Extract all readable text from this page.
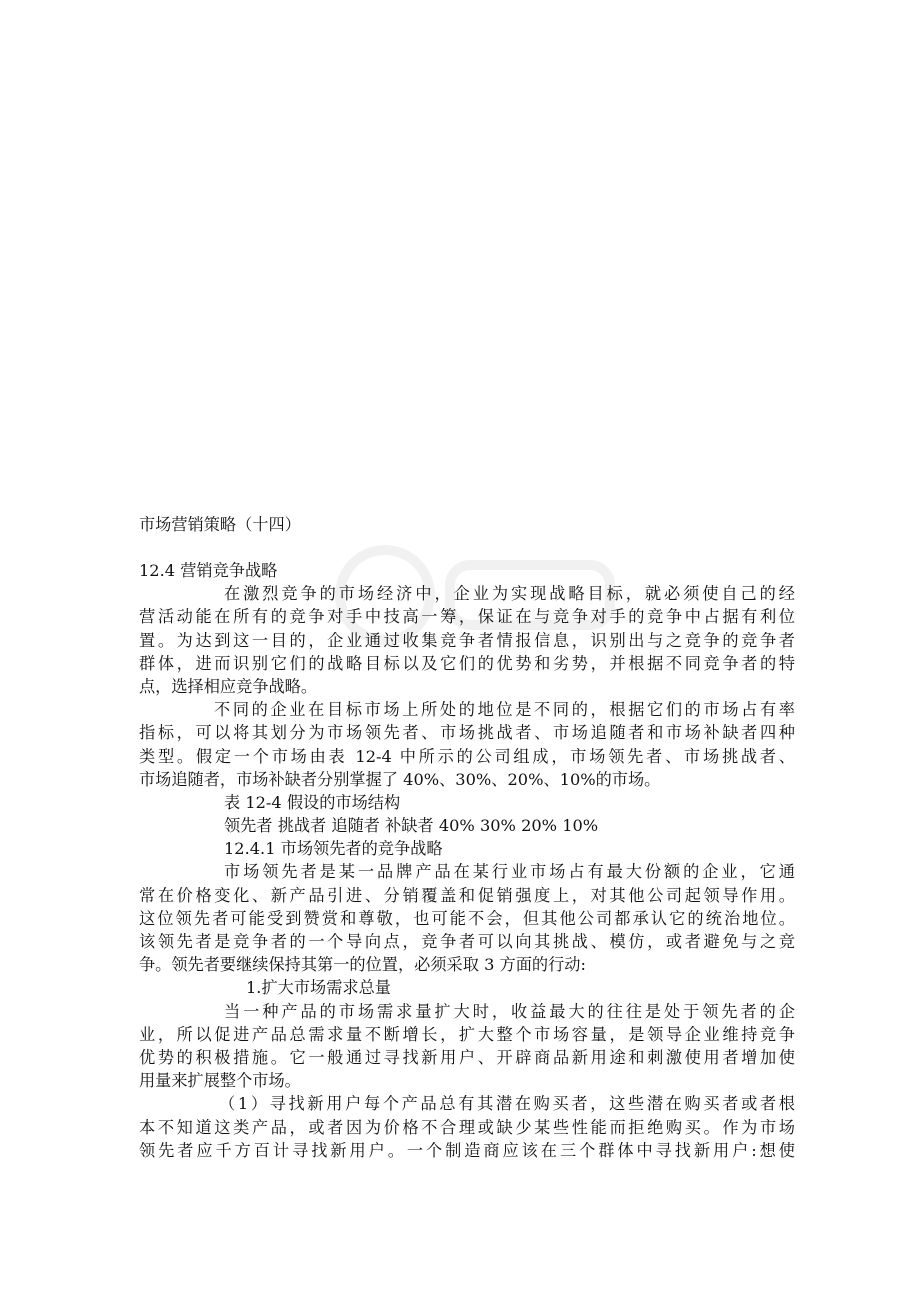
市场营销策略（十四）
12.4 营销竞争战略
在激烈竞争的市场经济中，企业为实现战略目标，就必须使自己的经
营活动能在所有的竞争对手中技高一筹，保证在与竞争对手的竞争中占据有利位
置。为达到这一目的，企业通过收集竞争者情报信息，识别出与之竞争的竞争者
群体，进而识别它们的战略目标以及它们的优势和劣势，并根据不同竞争者的特
点，选择相应竞争战略。
不同的企业在目标市场上所处的地位是不同的，根据它们的市场占有率
指标，可以将其划分为市场领先者、市场挑战者、市场追随者和市场补缺者四种
类型。假定一个市场由表 12-4 中所示的公司组成，市场领先者、市场挑战者、
市场追随者，市场补缺者分别掌握了 40%、30%、20%、10%的市场。
表 12-4 假设的市场结构
领先者 挑战者 追随者 补缺者 40% 30% 20% 10%
12.4.1 市场领先者的竞争战略
市场领先者是某一品牌产品在某行业市场占有最大份额的企业，它通
常在价格变化、新产品引进、分销覆盖和促销强度上，对其他公司起领导作用。
这位领先者可能受到赞赏和尊敬，也可能不会，但其他公司都承认它的统治地位。
该领先者是竞争者的一个导向点，竞争者可以向其挑战、模仿，或者避免与之竞
争。领先者要继续保持其第一的位置，必须采取 3 方面的行动:
1.扩大市场需求总量
当一种产品的市场需求量扩大时，收益最大的往往是处于领先者的企
业，所以促进产品总需求量不断增长，扩大整个市场容量，是领导企业维持竞争
优势的积极措施。它一般通过寻找新用户、开辟商品新用途和刺激使用者增加使
用量来扩展整个市场。
（1）寻找新用户每个产品总有其潜在购买者，这些潜在购买者或者根
本不知道这类产品，或者因为价格不合理或缺少某些性能而拒绝购买。作为市场
领先者应千方百计寻找新用户。一个制造商应该在三个群体中寻找新用户:想使
